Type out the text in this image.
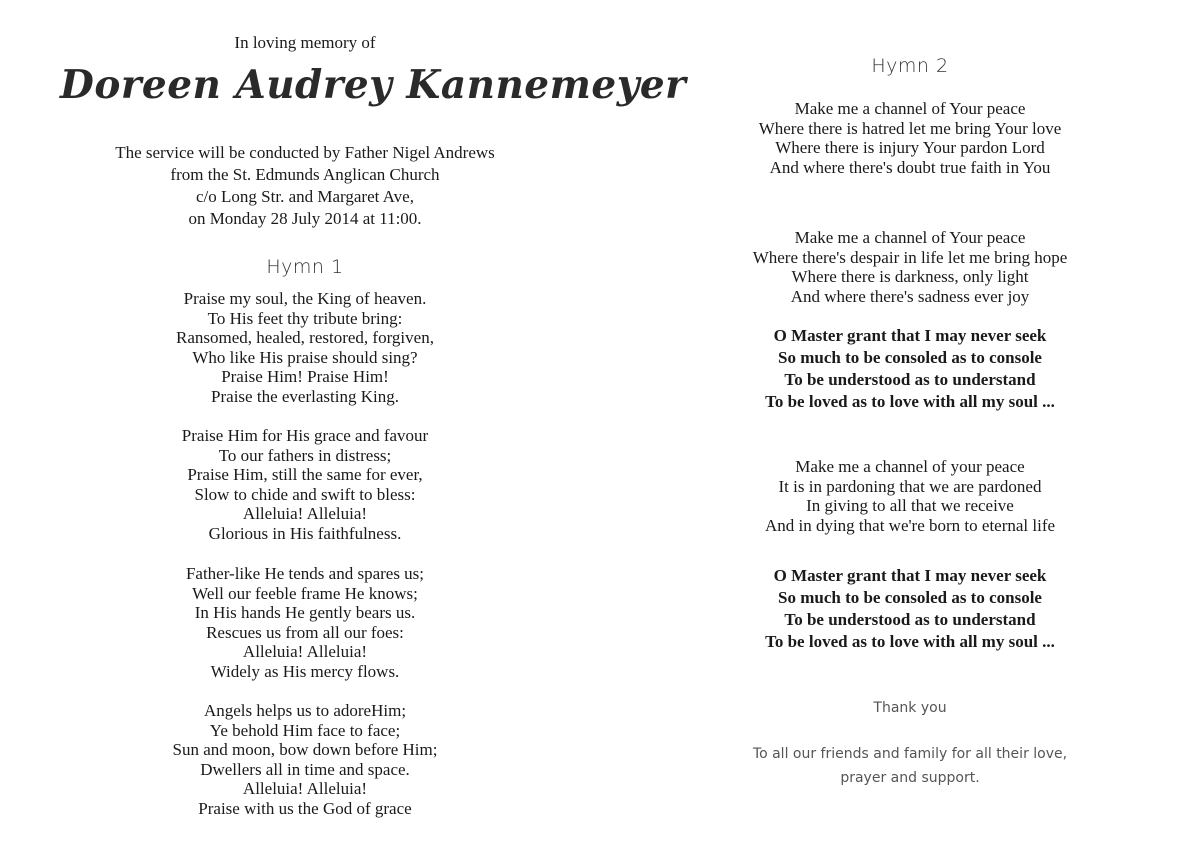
In loving memory of
Doreen Audrey Kannemeyer
The service will be conducted by Father Nigel Andrews
from the St. Edmunds Anglican Church
c/o Long Str. and Margaret Ave,
on Monday 28 July 2014 at 11:00.
Hymn 1
Praise my soul, the King of heaven.
To His feet thy tribute bring:
Ransomed, healed, restored, forgiven,
Who like His praise should sing?
Praise Him! Praise Him!
Praise the everlasting King.
Praise Him for His grace and favour
To our fathers in distress;
Praise Him, still the same for ever,
Slow to chide and swift to bless:
Alleluia! Alleluia!
Glorious in His faithfulness.
Father-like He tends and spares us;
Well our feeble frame He knows;
In His hands He gently bears us.
Rescues us from all our foes:
Alleluia! Alleluia!
Widely as His mercy flows.
Angels helps us to adoreHim;
Ye behold Him face to face;
Sun and moon, bow down before Him;
Dwellers all in time and space.
Alleluia! Alleluia!
Praise with us the God of grace
Hymn 2
Make me a channel of Your peace
Where there is hatred let me bring Your love
Where there is injury Your pardon Lord
And where there's doubt true faith in You
Make me a channel of Your peace
Where there's despair in life let me bring hope
Where there is darkness, only light
And where there's sadness ever joy
O Master grant that I may never seek
So much to be consoled as to console
To be understood as to understand
To be loved as to love with all my soul ...
Make me a channel of your peace
It is in pardoning that we are pardoned
In giving to all that we receive
And in dying that we're born to eternal life
O Master grant that I may never seek
So much to be consoled as to console
To be understood as to understand
To be loved as to love with all my soul ...
Thank you
To all our friends and family for all their love,
prayer and support.
